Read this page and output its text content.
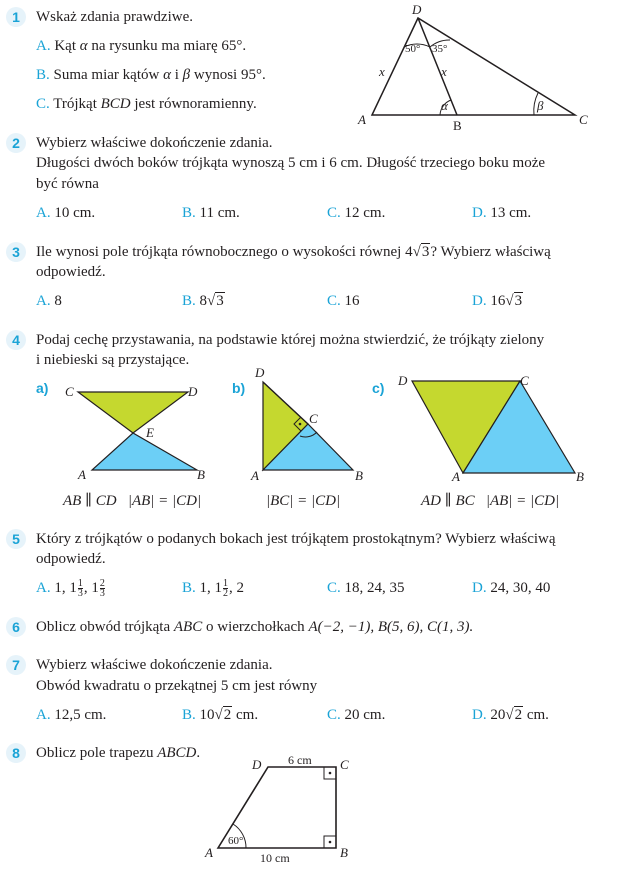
1	Wskaż zdania prawdziwe.
A. Kąt α na rysunku ma miarę 65°.
B. Suma miar kątów α i β wynosi 95°.
C. Trójkąt BCD jest równoramienny.
D
A	B	C
x	x
50° 35°
α	β
2	Wybierz właściwe dokończenie zdania.
Długości dwóch boków trójkąta wynoszą 5 cm i 6 cm. Długość trzeciego boku może
być równa
A. 10 cm.	B. 11 cm.	C. 12 cm.	D. 13 cm.
3	Ile wynosi pole trójkąta równobocznego o wysokości równej 4√3? Wybierz właściwą
odpowiedź.
A. 8	B. 8√3	C. 16	D. 16√3
4	Podaj cechę przystawania, na podstawie której można stwierdzić, że trójkąty zielony
i niebieski są przystające.
a)	b)	c)
C	D
E
A	B
D
C
A	B
D	C
A	B
AB ∥ CD |AB| = |CD|	|BC| = |CD|	AD ∥ BC |AB| = |CD|
5	Który z trójkątów o podanych bokach jest trójkątem prostokątnym? Wybierz właściwą
odpowiedź.
A. 1, $1 \frac{1}{3}$ , $1 \frac{2}{3}$	B. 1, $1 \frac{1}{2}$ , 2	C. 18, 24, 35	D. 24, 30, 40
6	Oblicz obwód trójkąta ABC o wierzchołkach A(−2, −1), B(5, 6), C(1, 3).
7	Wybierz właściwe dokończenie zdania.
Obwód kwadratu o przekątnej 5 cm jest równy
A. 12,5 cm.	B. 10√2 cm.	C. 20 cm.	D. 20√2 cm.
8	Oblicz pole trapezu ABCD.
D	C
A	B
6 cm
10 cm
60°
